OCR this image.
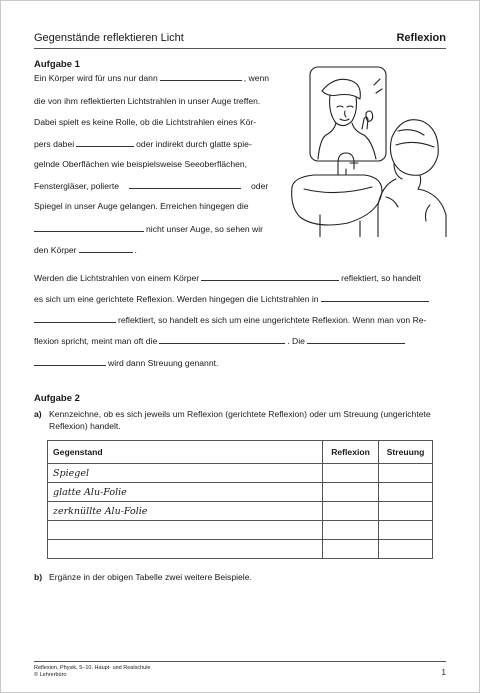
Gegenstände reflektieren Licht	Reflexion
Aufgabe 1
Ein Körper wird für uns nur dann	, wenn
die von ihm reflektierten Lichtstrahlen in unser Auge treffen.
Dabei spielt es keine Rolle, ob die Lichtstrahlen eines Kör-
pers dabei	oder indirekt durch glatte spie-
gelnde Oberflächen wie beispielsweise Seeoberflächen,
Fenstergläser, polierte	oder
Spiegel in unser Auge gelangen. Erreichen hingegen die
nicht unser Auge, so sehen wir
den Körper	.
Werden die Lichtstrahlen von einem Körper	reflektiert, so handelt
es sich um eine gerichtete Reflexion. Werden hingegen die Lichtstrahlen in
reflektiert, so handelt es sich um eine ungerichtete Reflexion. Wenn man von Re-
flexion spricht, meint man oft die	. Die
wird dann Streuung genannt.
Aufgabe 2
a) Kennzeichne, ob es sich jeweils um Reflexion (gerichtete Reflexion) oder um Streuung (ungerichtete
Reflexion) handelt.
Gegenstand	Reflexion	Streuung
Spiegel		
glatte Alu-Folie		
zerknüllte Alu-Folie		

b) Ergänze in der obigen Tabelle zwei weitere Beispiele.
Reflexion, Physik, 5–10. Haupt- und Realschule
© Lehrerbüro	1
